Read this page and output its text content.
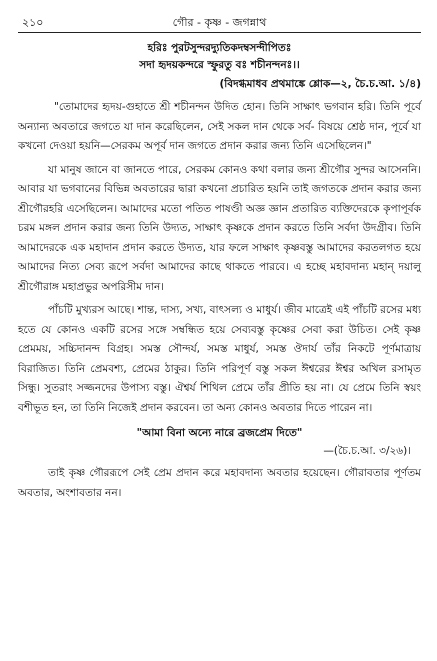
২১০	গৌর - কৃষ্ণ - জগন্নাথ
হরিঃ পুরটসুন্দরদ্যুতিকদম্বসন্দীপিতঃ
সদা হৃদয়কন্দরে স্ফুরতু বঃ শচীনন্দনঃ।।
(বিদগ্ধমাধব প্রথমাঙ্কে শ্লোক—২, চৈ.চ.আ. ১/৪)

"তোমাদের হৃদয়-গুহাতে শ্রী শচীনন্দন উদিত হোন। তিনি সাক্ষাৎ ভগবান হরি। তিনি পূর্বে অন্যান্য অবতারে জগতে যা দান করেছিলেন, সেই সকল দান থেকে সর্ব- বিষয়ে শ্রেষ্ঠ দান, পূর্বে যা কখনো দেওয়া হয়নি—সেরকম অপূর্ব দান জগতে প্রদান করার জন্য তিনি এসেছিলেন।"

যা মানুষ জানে বা জানতে পারে, সেরকম কোনও কথা বলার জন্য শ্রীগৌর সুন্দর আসেননি। আবার যা ভগবানের বিভিন্ন অবতারের দ্বারা কখনো প্রচারিত হয়নি তাই জগতকে প্রদান করার জন্য শ্রীগৌরহরি এসেছিলেন। আমাদের মতো পতিত পাষণ্ডী অজ্ঞ জ্ঞান প্রতারিত ব্যক্তিদেরকে কৃপাপূর্বক চরম মঙ্গল প্রদান করার জন্য তিনি উদ্যত, সাক্ষাৎ কৃষ্ণকে প্রদান করতে তিনি সর্বদা উদগ্রীব। তিনি আমাদেরকে এক মহাদান প্রদান করতে উদ্যত, যার ফলে সাক্ষাৎ কৃষ্ণবস্তু আমাদের করতলগত হয়ে আমাদের নিত্য সেব্য রূপে সর্বদা আমাদের কাছে থাকতে পারবে। এ হচ্ছে মহাবদান্য মহান্ দয়ালু শ্রীগৌরাঙ্গ মহাপ্রভুর অপরিসীম দান।

পাঁচটি মুখ্যরস আছে। শান্ত, দাস্য, সখ্য, বাৎসল্য ও মাধুর্য। জীব মাত্রেই এই পাঁচটি রসের মধ্য হতে যে কোনও একটি রসের সঙ্গে সম্বন্ধিত হয়ে সেব্যবস্তু কৃষ্ণের সেবা করা উচিত। সেই কৃষ্ণ প্রেমময়, সচ্চিদানন্দ বিগ্রহ। সমস্ত সৌন্দর্য, সমস্ত মাধুর্য, সমস্ত ঔদার্য তাঁর নিকটে পূর্ণমাত্রায় বিরাজিত। তিনি প্রেমবশ্য, প্রেমের ঠাকুর। তিনি পরিপূর্ণ বস্তু সকল ঈশ্বরের ঈশ্বর অখিল রসামৃত সিন্ধু। সুতরাং সজ্জনদের উপাস্য বস্তু। ঐশ্বর্য শিথিল প্রেমে তাঁর প্রীতি হয় না। যে প্রেমে তিনি স্বয়ং বশীভূত হন, তা তিনি নিজেই প্রদান করবেন। তা অন্য কোনও অবতার দিতে পারেন না।

"আমা বিনা অন্যে নারে ব্রজপ্রেম দিতে"
—(চৈ.চ.আ. ৩/২৬)।

তাই কৃষ্ণ গৌররূপে সেই প্রেম প্রদান করে মহাবদান্য অবতার হয়েছেন। গৌরাবতার পূর্ণতম অবতার, অংশাবতার নন।
